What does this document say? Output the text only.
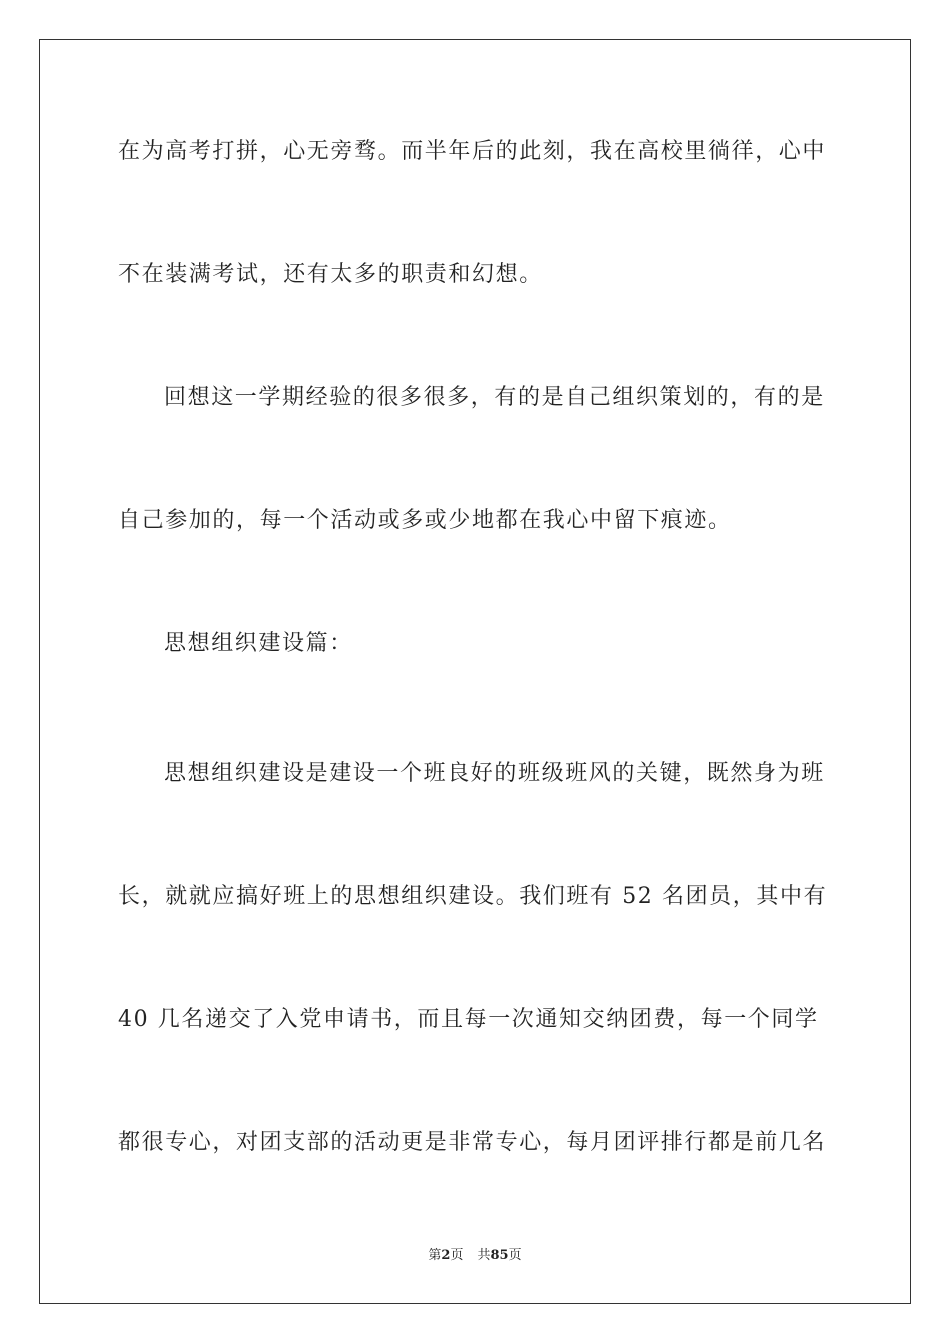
在为高考打拼，心无旁骛。而半年后的此刻，我在高校里徜徉，心中
不在装满考试，还有太多的职责和幻想。
回想这一学期经验的很多很多，有的是自己组织策划的，有的是
自己参加的，每一个活动或多或少地都在我心中留下痕迹。
思想组织建设篇：
思想组织建设是建设一个班良好的班级班风的关键，既然身为班
长，就就应搞好班上的思想组织建设。我们班有 52 名团员，其中有
40 几名递交了入党申请书，而且每一次通知交纳团费，每一个同学
都很专心，对团支部的活动更是非常专心，每月团评排行都是前几名
第2页 共85页
